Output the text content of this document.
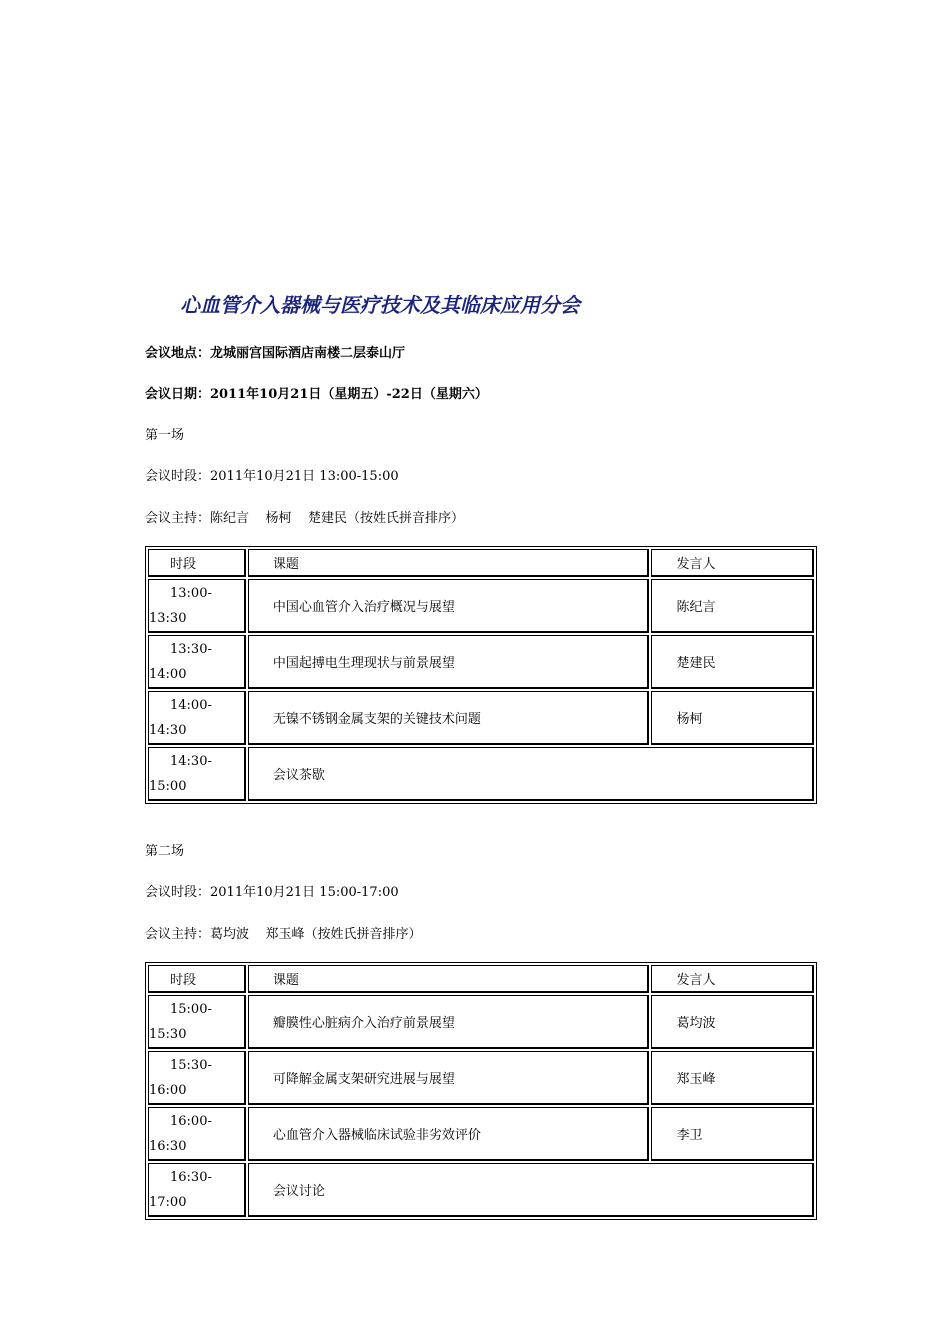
心血管介入器械与医疗技术及其临床应用分会
会议地点：龙城丽宫国际酒店南楼二层泰山厅
会议日期：2011年10月21日（星期五）-22日（星期六）
第一场
会议时段：2011年10月21日 13:00-15:00
会议主持：陈纪言    杨柯    楚建民（按姓氏拼音排序）
时段	课题	发言人

13:00-
13:30	中国心血管介入治疗概况与展望	陈纪言

13:30-
14:00	中国起搏电生理现状与前景展望	楚建民

14:00-
14:30	无镍不锈钢金属支架的关键技术问题	杨柯

14:30-
15:00	会议茶歇	
第二场
会议时段：2011年10月21日 15:00-17:00
会议主持：葛均波    郑玉峰（按姓氏拼音排序）
时段	课题	发言人

15:00-
15:30	瓣膜性心脏病介入治疗前景展望	葛均波

15:30-
16:00	可降解金属支架研究进展与展望	郑玉峰

16:00-
16:30	心血管介入器械临床试验非劣效评价	李卫

16:30-
17:00	会议讨论	
